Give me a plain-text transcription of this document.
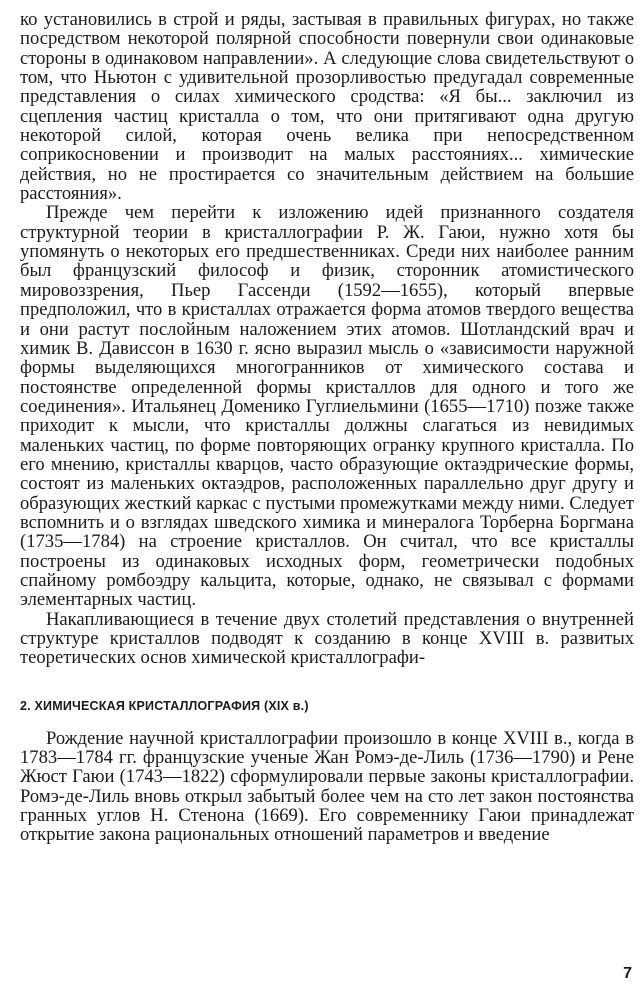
ко установились в строй и ряды, застывая в правильных фигурах, но также посредством некоторой полярной способности повернули свои одинаковые стороны в одинаковом направлении». А следующие слова свидетельствуют о том, что Ньютон с удивительной прозорливостью предугадал современные представления о силах химического сродства: «Я бы... заключил из сцепления частиц кристалла о том, что они притягивают одна другую некоторой силой, которая очень велика при непосредственном соприкосновении и производит на малых расстояниях... химические действия, но не простирается со значительным действием на большие расстояния».

Прежде чем перейти к изложению идей признанного создателя структурной теории в кристаллографии Р. Ж. Гаюи, нужно хотя бы упомянуть о некоторых его предшественниках. Среди них наиболее ранним был французский философ и физик, сторонник атомистического мировоззрения, Пьер Гассенди (1592—1655), который впервые предположил, что в кристаллах отражается форма атомов твердого вещества и они растут послойным наложением этих атомов. Шотландский врач и химик В. Дависсон в 1630 г. ясно выразил мысль о «зависимости наружной формы выделяющихся многогранников от химического состава и постоянстве определенной формы кристаллов для одного и того же соединения». Итальянец Доменико Гуглиельмини (1655—1710) позже также приходит к мысли, что кристаллы должны слагаться из невидимых маленьких частиц, по форме повторяющих огранку крупного кристалла. По его мнению, кристаллы кварцов, часто образующие октаэдрические формы, состоят из маленьких октаэдров, расположенных параллельно друг другу и образующих жесткий каркас с пустыми промежутками между ними. Следует вспомнить и о взглядах шведского химика и минералога Торберна Боргмана (1735—1784) на строение кристаллов. Он считал, что все кристаллы построены из одинаковых исходных форм, геометрически подобных спайному ромбоэдру кальцита, которые, однако, не связывал с формами элементарных частиц.

Накапливающиеся в течение двух столетий представления о внутренней структуре кристаллов подводят к созданию в конце XVIII в. развитых теоретических основ химической кристаллографи-

2. ХИМИЧЕСКАЯ КРИСТАЛЛОГРАФИЯ (XIX в.)

Рождение научной кристаллографии произошло в конце XVIII в., когда в 1783—1784 гг. французские ученые Жан Ромэ-де-Лиль (1736—1790) и Рене Жюст Гаюи (1743—1822) сформулировали первые законы кристаллографии. Ромэ-де-Лиль вновь открыл забытый более чем на сто лет закон постоянства гранных углов Н. Стенона (1669). Его современнику Гаюи принадлежат открытие закона рациональных отношений параметров и введение

7
